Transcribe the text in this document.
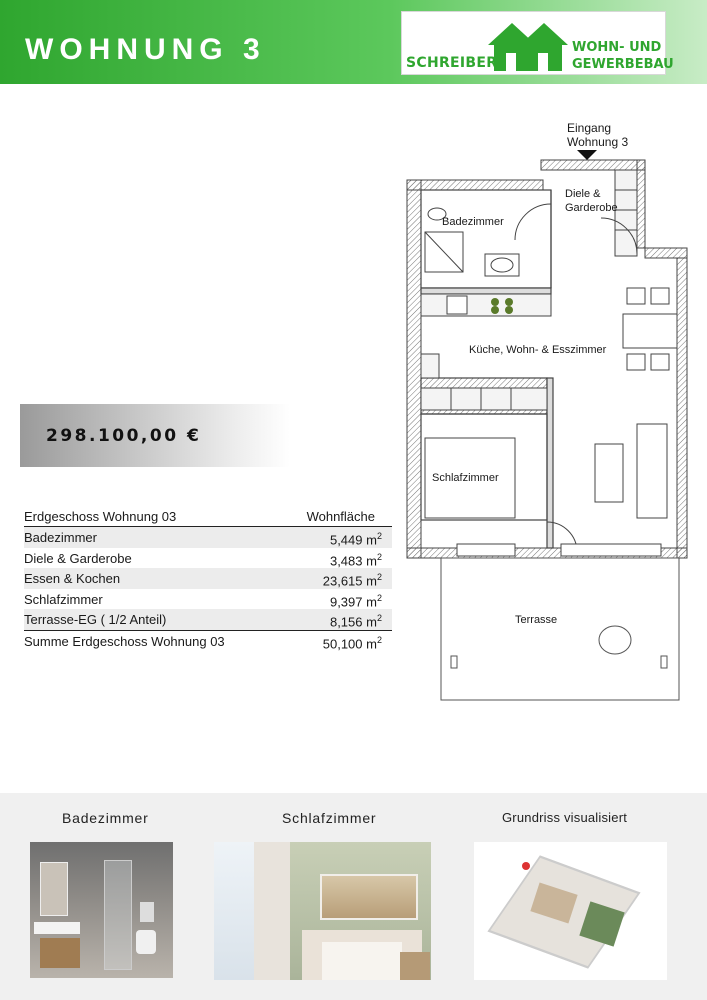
WOHNUNG 3	SCHREIBER
WOHN- UND
GEWERBEBAU
298.100,00 €
Erdgeschoss Wohnung 03	Wohnfläche
Badezimmer	5,449 $m^2$
Diele & Garderobe	3,483 $m^2$
Essen & Kochen	23,615 $m^2$
Schlafzimmer	9,397 $m^2$
Terrasse-EG ( 1/2 Anteil)	8,156 $m^2$
Summe Erdgeschoss Wohnung 03	50,100 $m^2$
Eingang
Wohnung 3
Diele &
Garderobe
Badezimmer
Küche, Wohn- & Esszimmer
Schlafzimmer
Terrasse
Badezimmer	Schlafzimmer	Grundriss visualisiert
